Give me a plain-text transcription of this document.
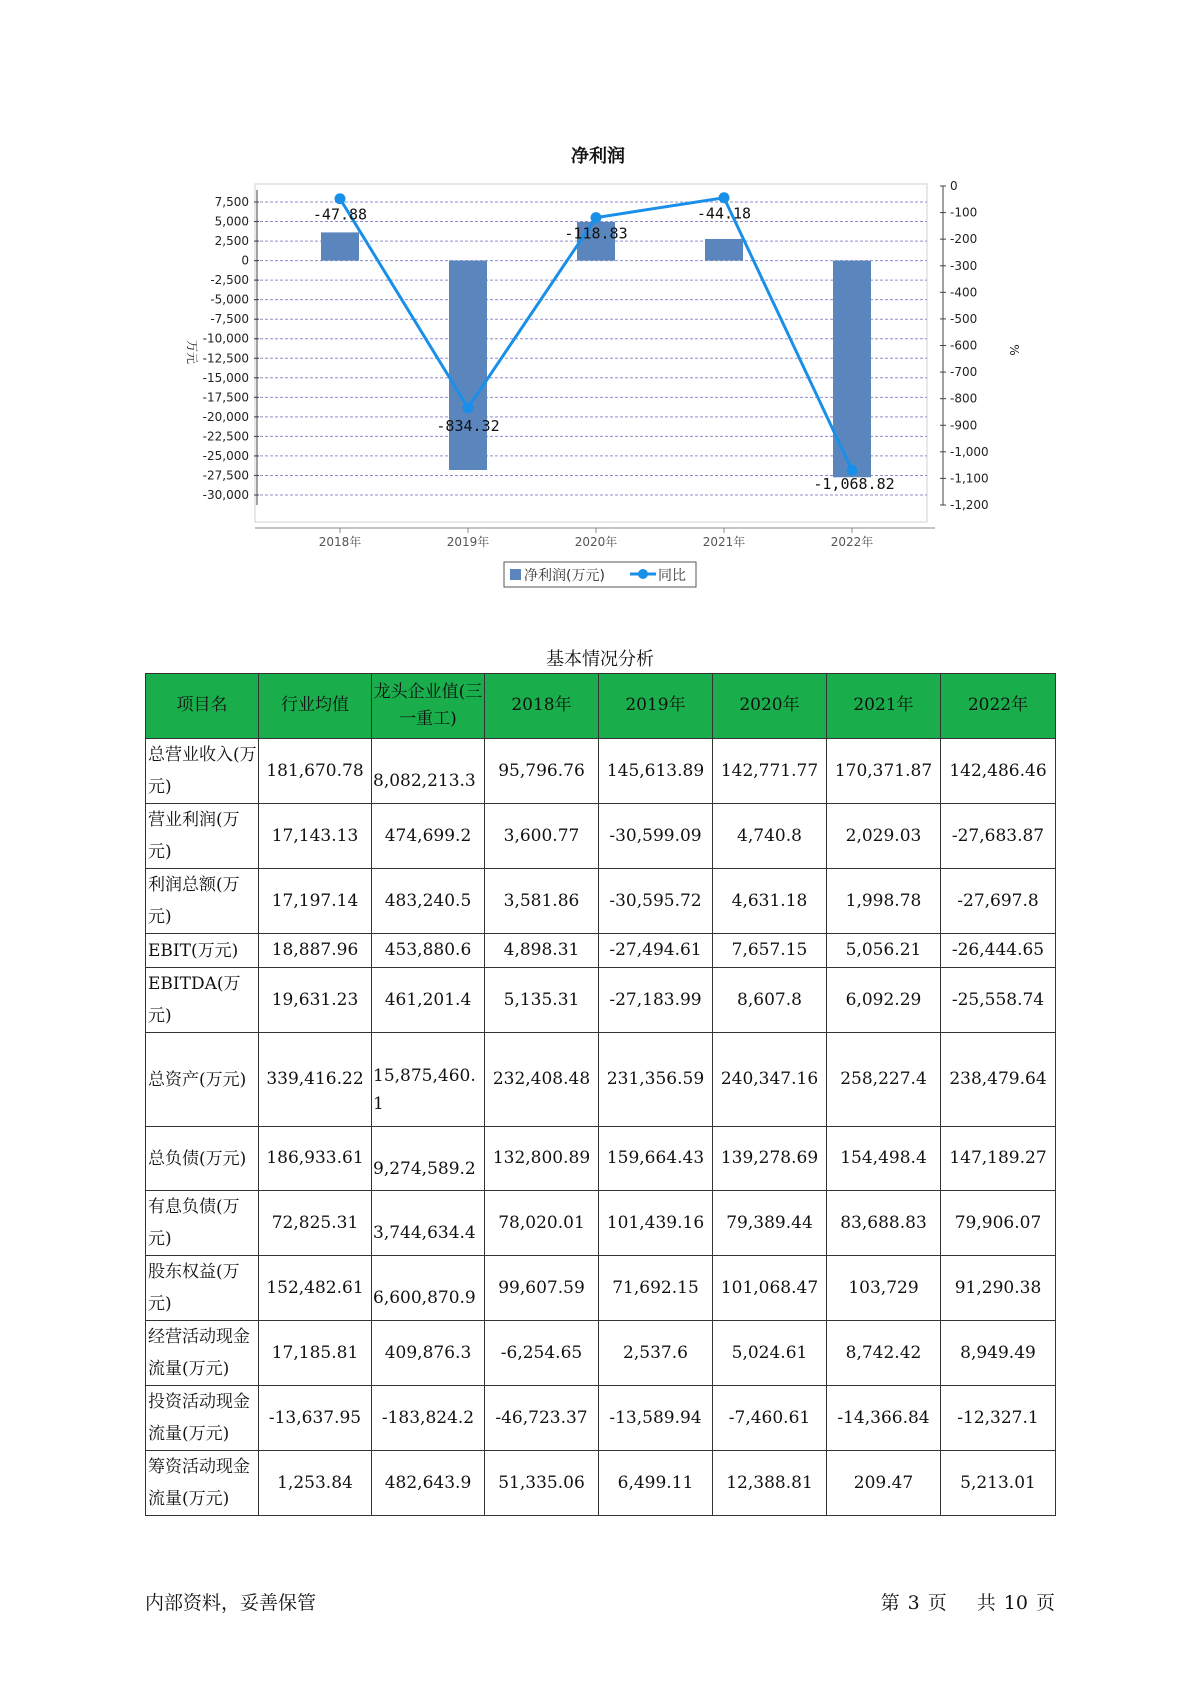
净利润
7,500
5,000
2,500
0
-2,500
-5,000
-7,500
-10,000
-12,500
-15,000
-17,500
-20,000
-22,500
-25,000
-27,500
-30,000
0
-100
-200
-300
-400
-500
-600
-700
-800
-900
-1,000
-1,100
-1,200
2018年	2019年	2020年	2021年	2022年
-47.88
-834.32
-118.83
-44.18
-1,068.82
万元	%
净利润(万元)	同比
基本情况分析
项目名	行业均值	龙头企业值(三一重工)	2018年	2019年	2020年	2021年	2022年
总营业收入(万元)	181,670.78	8,082,213.3	95,796.76	145,613.89	142,771.77	170,371.87	142,486.46
营业利润(万元)	17,143.13	474,699.2	3,600.77	-30,599.09	4,740.8	2,029.03	-27,683.87
利润总额(万元)	17,197.14	483,240.5	3,581.86	-30,595.72	4,631.18	1,998.78	-27,697.8
EBIT(万元)	18,887.96	453,880.6	4,898.31	-27,494.61	7,657.15	5,056.21	-26,444.65
EBITDA(万元)	19,631.23	461,201.4	5,135.31	-27,183.99	8,607.8	6,092.29	-25,558.74
总资产(万元)	339,416.22	15,875,460.1	232,408.48	231,356.59	240,347.16	258,227.4	238,479.64
总负债(万元)	186,933.61	9,274,589.2	132,800.89	159,664.43	139,278.69	154,498.4	147,189.27
有息负债(万元)	72,825.31	3,744,634.4	78,020.01	101,439.16	79,389.44	83,688.83	79,906.07
股东权益(万元)	152,482.61	6,600,870.9	99,607.59	71,692.15	101,068.47	103,729	91,290.38
经营活动现金流量(万元)	17,185.81	409,876.3	-6,254.65	2,537.6	5,024.61	8,742.42	8,949.49
投资活动现金流量(万元)	-13,637.95	-183,824.2	-46,723.37	-13,589.94	-7,460.61	-14,366.84	-12,327.1
筹资活动现金流量(万元)	1,253.84	482,643.9	51,335.06	6,499.11	12,388.81	209.47	5,213.01
内部资料，妥善保管	第 3 页 共 10 页
